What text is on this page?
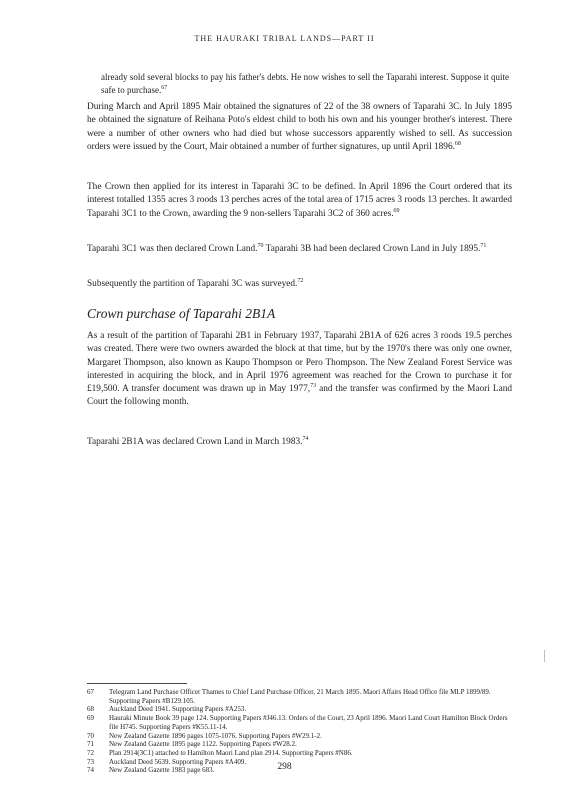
THE HAURAKI TRIBAL LANDS—PART II
already sold several blocks to pay his father's debts. He now wishes to sell the Taparahi interest. Suppose it quite safe to purchase.$^{67}$
During March and April 1895 Mair obtained the signatures of 22 of the 38 owners of Taparahi 3C. In July 1895 he obtained the signature of Reihana Poto's eldest child to both his own and his younger brother's interest. There were a number of other owners who had died but whose successors apparently wished to sell. As succession orders were issued by the Court, Mair obtained a number of further signatures, up until April 1896.68
The Crown then applied for its interest in Taparahi 3C to be defined. In April 1896 the Court ordered that its interest totalled 1355 acres 3 roods 13 perches acres of the total area of 1715 acres 3 roods 13 perches. It awarded Taparahi 3C1 to the Crown, awarding the 9 non-sellers Taparahi 3C2 of 360 acres.$^{69}$
Taparahi 3C1 was then declared Crown Land.$^{70}$ Taparahi 3B had been declared Crown Land in July 1895.71
Subsequently the partition of Taparahi 3C was surveyed.$^{72}$
Crown purchase of Taparahi 2B1A
As a result of the partition of Taparahi 2B1 in February 1937, Taparahi 2B1A of 626 acres 3 roods 19.5 perches was created. There were two owners awarded the block at that time, but by the 1970's there was only one owner, Margaret Thompson, also known as Kaupo Thompson or Pero Thompson. The New Zealand Forest Service was interested in acquiring the block, and in April 1976 agreement was reached for the Crown to purchase it for £19,500. A transfer document was drawn up in May 1977,73 and the transfer was confirmed by the Maori Land Court the following month.
Taparahi 2B1A was declared Crown Land in March 1983.74
67	Telegram Land Purchase Officer Thames to Chief Land Purchase Officer, 21 March 1895. Maori Affairs Head Office file MLP 1899/89. Supporting Papers #B129.105.
68	Auckland Deed 1941. Supporting Papers #A253.
69	Hauraki Minute Book 39 page 124. Supporting Papers #J46.13. Orders of the Court, 23 April 1896. Maori Land Court Hamilton Block Orders file H745. Supporting Papers #K55.11-14.
70	New Zealand Gazette 1896 pages 1075-1076. Supporting Papers #W29.1-2.
71	New Zealand Gazette 1895 page 1122. Supporting Papers #W28.2.
72	Plan 2914(3C1) attached to Hamilton Maori Land plan 2914. Supporting Papers #N86.
73	Auckland Deed 5639. Supporting Papers #A409.
74	New Zealand Gazette 1983 page 683.	298
